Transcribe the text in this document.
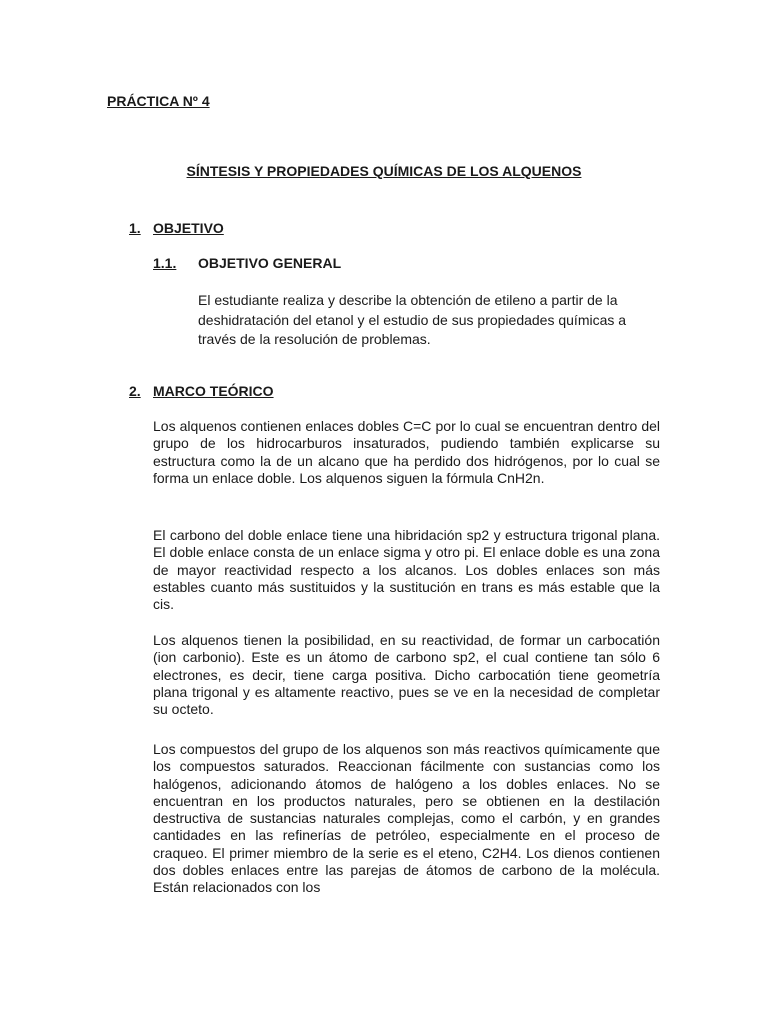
PRÁCTICA Nº 4
SÍNTESIS Y PROPIEDADES QUÍMICAS DE LOS ALQUENOS
1. OBJETIVO
1.1. OBJETIVO GENERAL
El estudiante realiza y describe la obtención de etileno a partir de la deshidratación del etanol y el estudio de sus propiedades químicas a través de la resolución de problemas.
2. MARCO TEÓRICO
Los alquenos contienen enlaces dobles C=C por lo cual se encuentran dentro del grupo de los hidrocarburos insaturados, pudiendo también explicarse su estructura como la de un alcano que ha perdido dos hidrógenos, por lo cual se forma un enlace doble. Los alquenos siguen la fórmula CnH2n.
El carbono del doble enlace tiene una hibridación sp2 y estructura trigonal plana. El doble enlace consta de un enlace sigma y otro pi. El enlace doble es una zona de mayor reactividad respecto a los alcanos. Los dobles enlaces son más estables cuanto más sustituidos y la sustitución en trans es más estable que la cis.
Los alquenos tienen la posibilidad, en su reactividad, de formar un carbocatión (ion carbonio). Este es un átomo de carbono sp2, el cual contiene tan sólo 6 electrones, es decir, tiene carga positiva. Dicho carbocatión tiene geometría plana trigonal y es altamente reactivo, pues se ve en la necesidad de completar su octeto.
Los compuestos del grupo de los alquenos son más reactivos químicamente que los compuestos saturados. Reaccionan fácilmente con sustancias como los halógenos, adicionando átomos de halógeno a los dobles enlaces. No se encuentran en los productos naturales, pero se obtienen en la destilación destructiva de sustancias naturales complejas, como el carbón, y en grandes cantidades en las refinerías de petróleo, especialmente en el proceso de craqueo. El primer miembro de la serie es el eteno, C2H4. Los dienos contienen dos dobles enlaces entre las parejas de átomos de carbono de la molécula. Están relacionados con los
